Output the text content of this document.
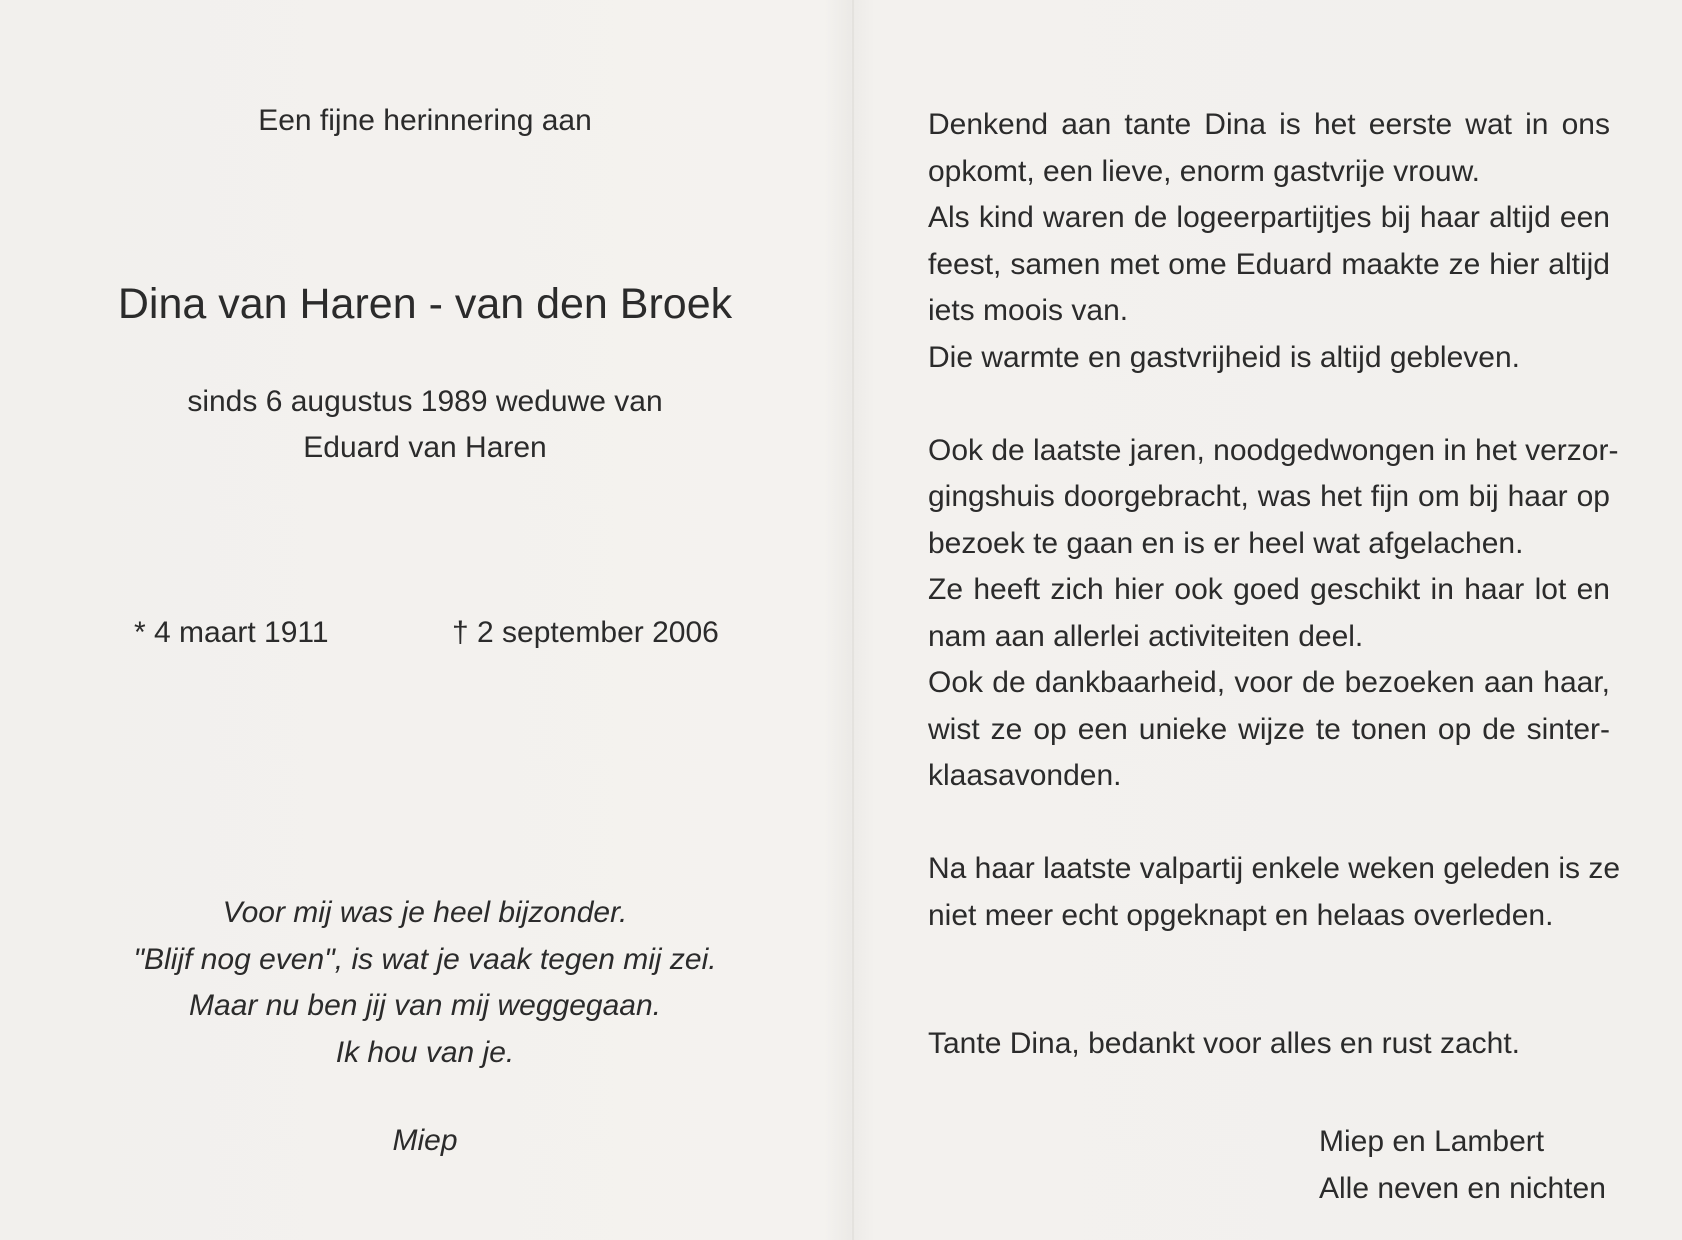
Een fijne herinnering aan
Dina van Haren - van den Broek
sinds 6 augustus 1989 weduwe van
Eduard van Haren
* 4 maart 1911	† 2 september 2006
Voor mij was je heel bijzonder.
"Blijf nog even", is wat je vaak tegen mij zei.
Maar nu ben jij van mij weggegaan.
Ik hou van je.
Miep
Denkend aan tante Dina is het eerste wat in ons
opkomt, een lieve, enorm gastvrije vrouw.
Als kind waren de logeerpartijtjes bij haar altijd een
feest, samen met ome Eduard maakte ze hier altijd
iets moois van.
Die warmte en gastvrijheid is altijd gebleven.
Ook de laatste jaren, noodgedwongen in het verzor-
gingshuis doorgebracht, was het fijn om bij haar op
bezoek te gaan en is er heel wat afgelachen.
Ze heeft zich hier ook goed geschikt in haar lot en
nam aan allerlei activiteiten deel.
Ook de dankbaarheid, voor de bezoeken aan haar,
wist ze op een unieke wijze te tonen op de sinter-
klaasavonden.
Na haar laatste valpartij enkele weken geleden is ze
niet meer echt opgeknapt en helaas overleden.
Tante Dina, bedankt voor alles en rust zacht.
Miep en Lambert
Alle neven en nichten
